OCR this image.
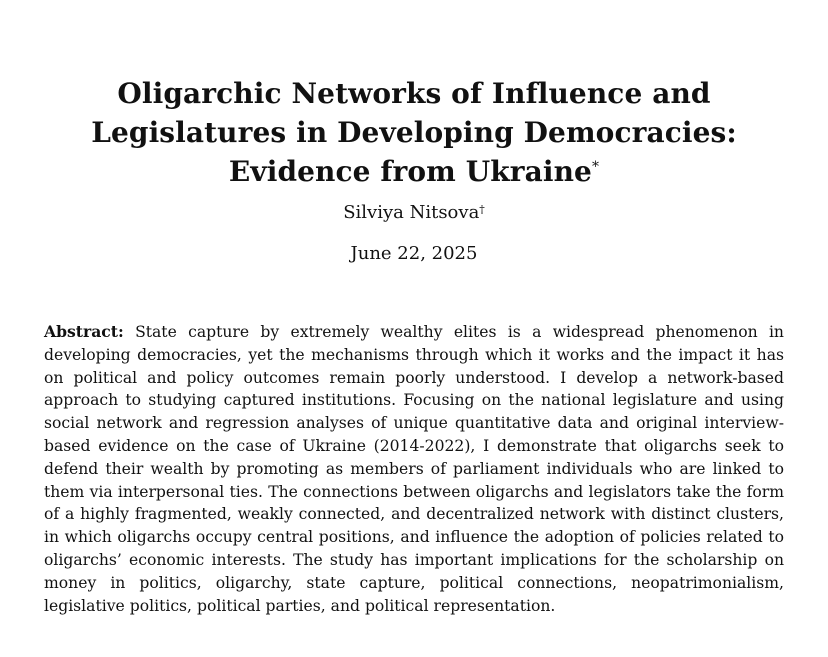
Oligarchic Networks of Influence and Legislatures in Developing Democracies: Evidence from Ukraine*
Silviya Nitsova†
June 22, 2025

Abstract: State capture by extremely wealthy elites is a widespread phenomenon in developing democracies, yet the mechanisms through which it works and the impact it has on political and policy outcomes remain poorly understood. I develop a network-based approach to studying captured institutions. Focusing on the national legislature and using social network and regression analyses of unique quantitative data and original interview-based evidence on the case of Ukraine (2014-2022), I demonstrate that oligarchs seek to defend their wealth by promoting as members of parliament individuals who are linked to them via interpersonal ties. The connections between oligarchs and legislators take the form of a highly fragmented, weakly connected, and decentralized network with distinct clusters, in which oligarchs occupy central positions, and influence the adoption of policies related to oligarchs’ economic interests. The study has important implications for the scholarship on money in politics, oligarchy, state capture, political connections, neopatrimonialism, legislative politics, political parties, and political representation.
